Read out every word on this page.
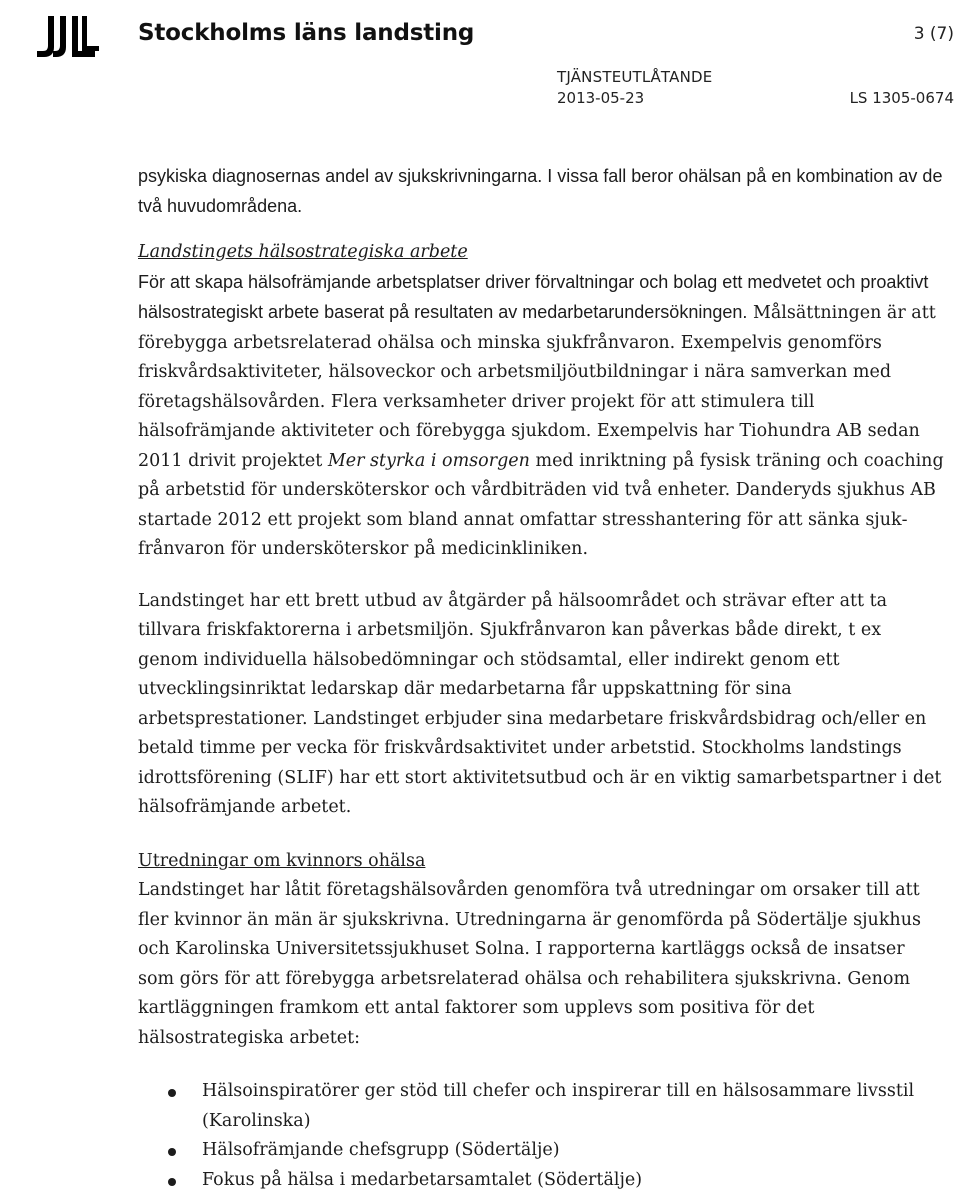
Stockholms läns landsting	3 (7)
TJÄNSTEUTLÅTANDE
2013-05-23	LS 1305-0674

psykiska diagnosernas andel av sjukskrivningarna. I vissa fall beror ohälsan på en kombination av de två huvudområdena.

Landstingets hälsostrategiska arbete

För att skapa hälsofrämjande arbetsplatser driver förvaltningar och bolag ett medvetet och proaktivt hälsostrategiskt arbete baserat på resultaten av medarbetarundersökningen. Målsättningen är att förebygga arbetsrelaterad ohälsa och minska sjukfrånvaron. Exempelvis genomförs friskvårdsaktiviteter, hälsoveckor och arbetsmiljöutbildningar i nära samverkan med företagshälsovården. Flera verksamheter driver projekt för att stimulera till hälsofrämjande aktiviteter och förebygga sjukdom. Exempelvis har Tiohundra AB sedan 2011 drivit projektet Mer styrka i omsorgen med inriktning på fysisk träning och coaching på arbetstid för undersköterskor och vårdbiträden vid två enheter. Danderyds sjukhus AB startade 2012 ett projekt som bland annat omfattar stresshantering för att sänka sjukfrånvaron för undersköterskor på medicinkliniken.

Landstinget har ett brett utbud av åtgärder på hälsoområdet och strävar efter att ta tillvara friskfaktorerna i arbetsmiljön. Sjukfrånvaron kan påverkas både direkt, t ex genom individuella hälsobedömningar och stödsamtal, eller indirekt genom ett utvecklingsinriktat ledarskap där medarbetarna får uppskattning för sina arbetsprestationer. Landstinget erbjuder sina medarbetare friskvårdsbidrag och/eller en betald timme per vecka för friskvårdsaktivitet under arbetstid. Stockholms landstings idrottsförening (SLIF) har ett stort aktivitetsutbud och är en viktig samarbetspartner i det hälsofrämjande arbetet.

Utredningar om kvinnors ohälsa

Landstinget har låtit företagshälsovården genomföra två utredningar om orsaker till att fler kvinnor än män är sjukskrivna. Utredningarna är genomförda på Södertälje sjukhus och Karolinska Universitetssjukhuset Solna. I rapporterna kartläggs också de insatser som görs för att förebygga arbetsrelaterad ohälsa och rehabilitera sjukskrivna. Genom kartläggningen framkom ett antal faktorer som upplevs som positiva för det hälsostrategiska arbetet:

Hälsoinspiratörer ger stöd till chefer och inspirerar till en hälsosammare livsstil (Karolinska)
Hälsofrämjande chefsgrupp (Södertälje)
Fokus på hälsa i medarbetarsamtalet (Södertälje)
